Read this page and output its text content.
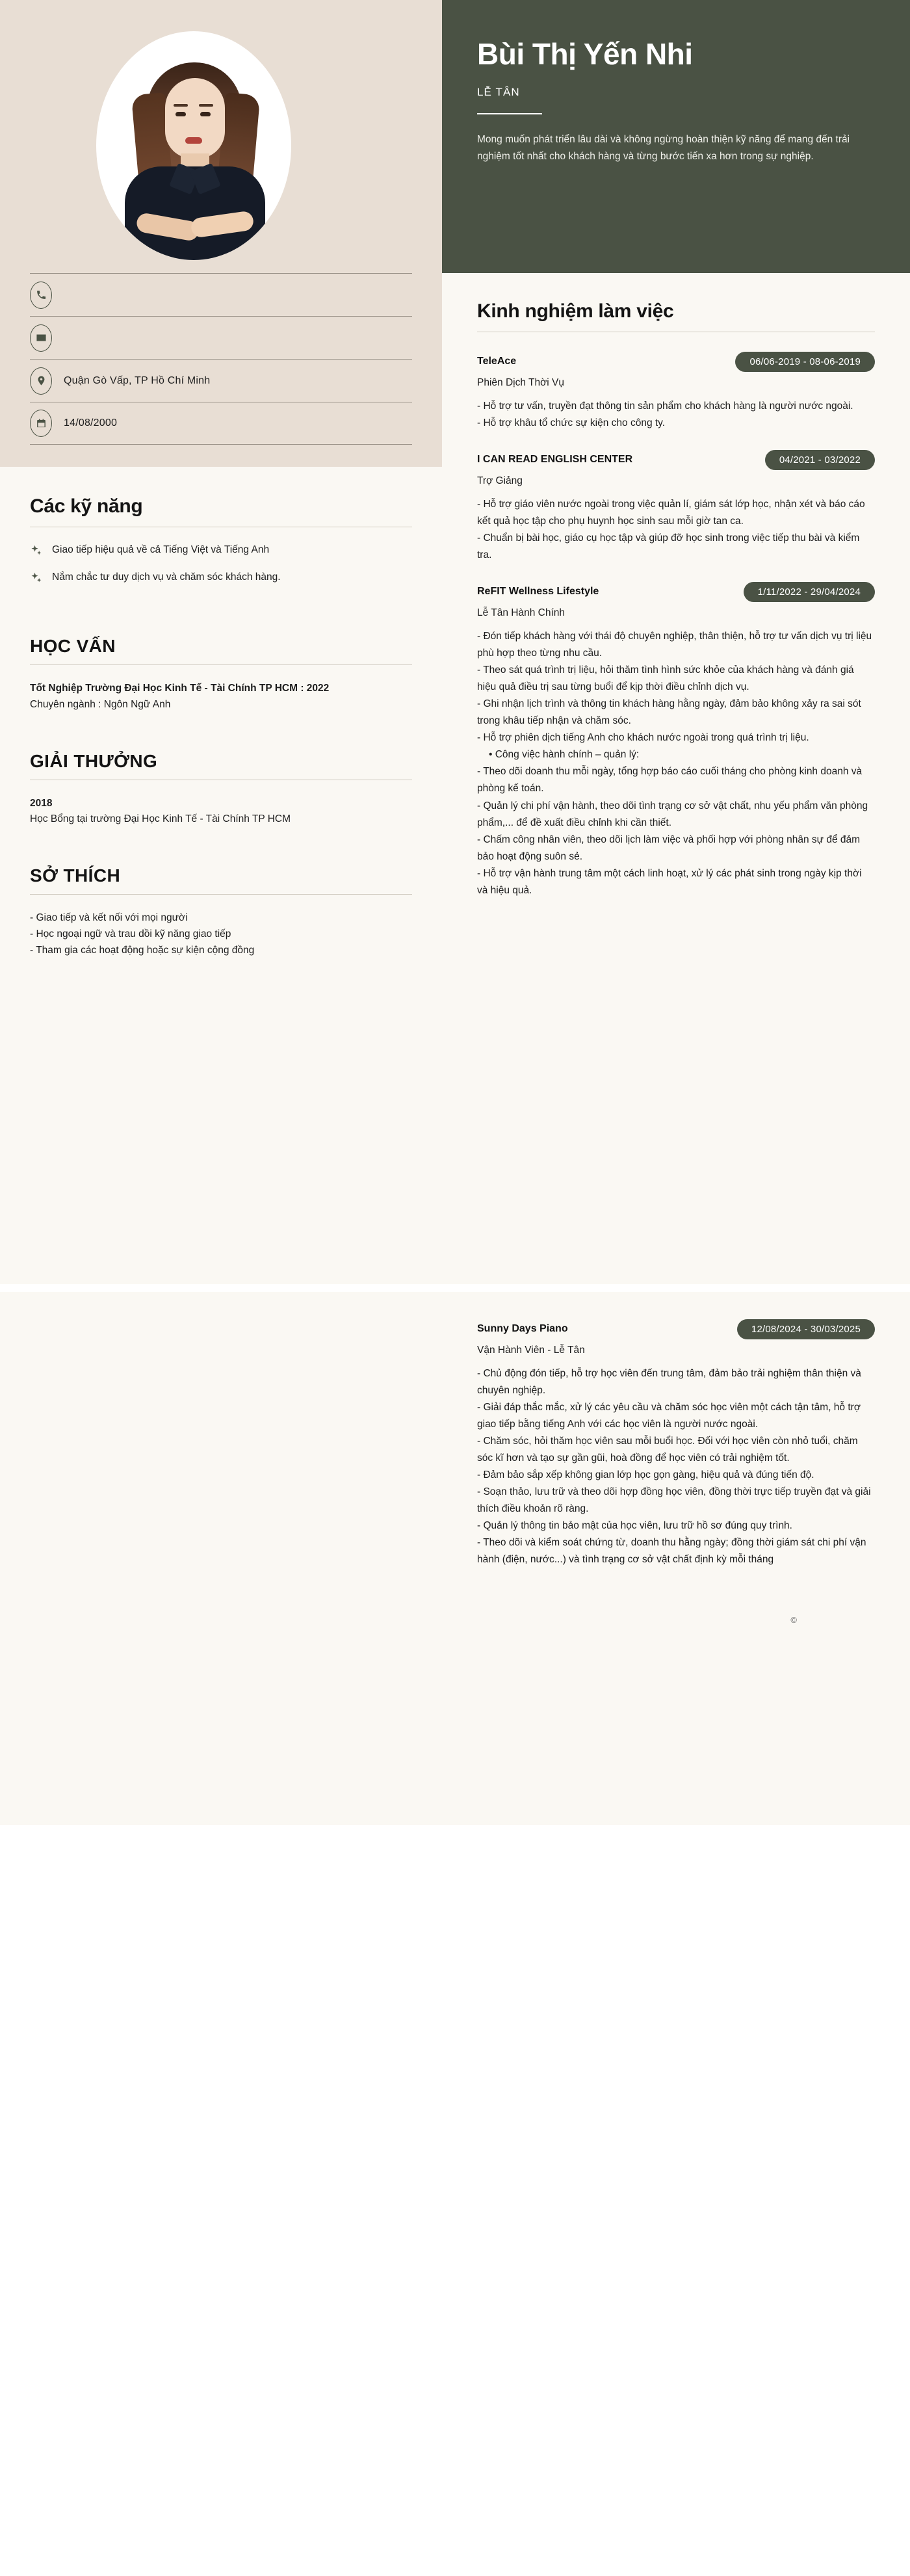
Quận Gò Vấp, TP Hồ Chí Minh
14/08/2000
Các kỹ năng
Giao tiếp hiệu quả về cả Tiếng Việt và Tiếng Anh
Nắm chắc tư duy dịch vụ và chăm sóc khách hàng.
HỌC VẤN
Tốt Nghiệp Trường Đại Học Kinh Tế - Tài Chính TP HCM : 2022
Chuyên ngành : Ngôn Ngữ Anh
GIẢI THƯỞNG
2018
Học Bổng tại trường Đại Học Kinh Tế - Tài Chính TP HCM
SỞ THÍCH
- Giao tiếp và kết nối với mọi người
- Học ngoại ngữ và trau dồi kỹ năng giao tiếp
- Tham gia các hoạt động hoặc sự kiện cộng đồng
Bùi Thị Yến Nhi
LỄ TÂN
Mong muốn phát triển lâu dài và không ngừng hoàn thiện kỹ năng để mang đến trải nghiệm tốt nhất cho khách hàng và từng bước tiến xa hơn trong sự nghiệp.
Kinh nghiệm làm việc
TeleAce	06/06-2019 - 08-06-2019
Phiên Dịch Thời Vụ
- Hỗ trợ tư vấn, truyền đạt thông tin sản phẩm cho khách hàng là người nước ngoài.
- Hỗ trợ khâu tổ chức sự kiện cho công ty.
I CAN READ ENGLISH CENTER	04/2021 - 03/2022
Trợ Giảng
- Hỗ trợ giáo viên nước ngoài trong việc quản lí, giám sát lớp học, nhận xét và báo cáo kết quả học tập cho phụ huynh học sinh sau mỗi giờ tan ca.
- Chuẩn bị bài học, giáo cụ học tập và giúp đỡ học sinh trong việc tiếp thu bài và kiểm tra.
ReFIT Wellness Lifestyle	1/11/2022 - 29/04/2024
Lễ Tân Hành Chính
- Đón tiếp khách hàng với thái độ chuyên nghiệp, thân thiện, hỗ trợ tư vấn dịch vụ trị liệu phù hợp theo từng nhu cầu.
- Theo sát quá trình trị liệu, hỏi thăm tình hình sức khỏe của khách hàng và đánh giá hiệu quả điều trị sau từng buổi để kịp thời điều chỉnh dịch vụ.
- Ghi nhận lịch trình và thông tin khách hàng hằng ngày, đảm bảo không xảy ra sai sót trong khâu tiếp nhận và chăm sóc.
- Hỗ trợ phiên dịch tiếng Anh cho khách nước ngoài trong quá trình trị liệu.
• Công việc hành chính – quản lý:
- Theo dõi doanh thu mỗi ngày, tổng hợp báo cáo cuối tháng cho phòng kinh doanh và phòng kế toán.
- Quản lý chi phí vận hành, theo dõi tình trạng cơ sở vật chất, nhu yếu phẩm văn phòng phẩm,... để đề xuất điều chỉnh khi cần thiết.
- Chấm công nhân viên, theo dõi lịch làm việc và phối hợp với phòng nhân sự để đảm bảo hoạt động suôn sẻ.
- Hỗ trợ vận hành trung tâm một cách linh hoạt, xử lý các phát sinh trong ngày kịp thời và hiệu quả.
Sunny Days Piano	12/08/2024 - 30/03/2025
Vận Hành Viên - Lễ Tân
- Chủ động đón tiếp, hỗ trợ học viên đến trung tâm, đảm bảo trải nghiệm thân thiện và chuyên nghiệp.
- Giải đáp thắc mắc, xử lý các yêu cầu và chăm sóc học viên một cách tận tâm, hỗ trợ giao tiếp bằng tiếng Anh với các học viên là người nước ngoài.
- Chăm sóc, hỏi thăm học viên sau mỗi buổi học. Đối với học viên còn nhỏ tuổi, chăm sóc kĩ hơn và tạo sự gần gũi, hoà đồng để học viên có trải nghiệm tốt.
- Đảm bảo sắp xếp không gian lớp học gọn gàng, hiệu quả và đúng tiến độ.
- Soạn thảo, lưu trữ và theo dõi hợp đồng học viên, đồng thời trực tiếp truyền đạt và giải thích điều khoản rõ ràng.
- Quản lý thông tin bảo mật của học viên, lưu trữ hồ sơ đúng quy trình.
- Theo dõi và kiểm soát chứng từ, doanh thu hằng ngày; đồng thời giám sát chi phí vận hành (điện, nước...) và tình trạng cơ sở vật chất định kỳ mỗi tháng
©
